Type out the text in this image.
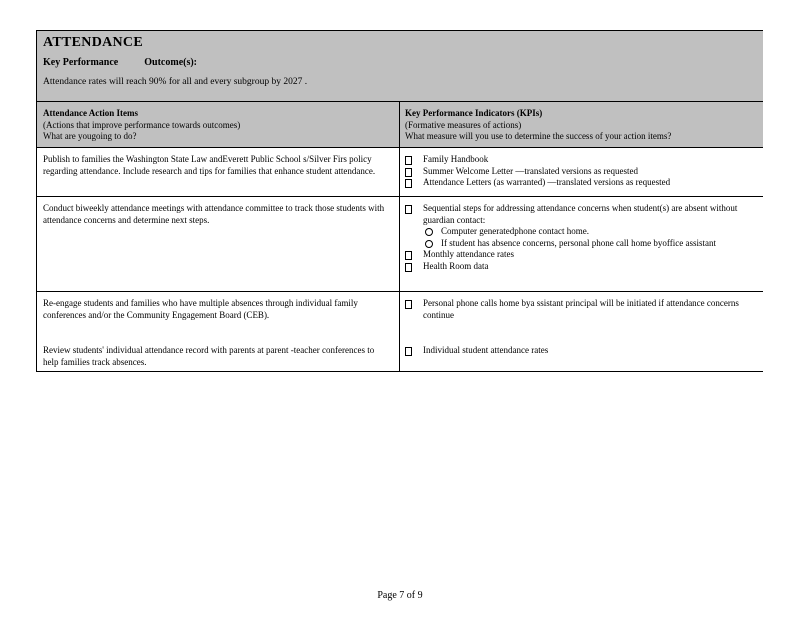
ATTENDANCE
Key Performance	Outcome(s):
Attendance rates will reach 90% for all and every subgroup by 2027 .
Attendance Action Items
(Actions that improve performance towards outcomes)
What are yougoing to do?
Key Performance Indicators (KPIs)
(Formative measures of actions)
What measure will you use to determine the success of your action items?
Publish to families the Washington State Law andEverett Public School s/Silver Firs policy regarding attendance. Include research and tips for families that enhance student attendance.
Family Handbook
Summer Welcome Letter —translated versions as requested
Attendance Letters (as warranted) —translated versions as requested
Conduct biweekly attendance meetings with attendance committee to track those students with attendance concerns and determine next steps.
Sequential steps for addressing attendance concerns when student(s) are absent without guardian contact:
Computer generatedphone contact home.
If student has absence concerns, personal phone call home byoffice assistant
Monthly attendance rates
Health Room data
Re-engage students and families who have multiple absences through individual family conferences and/or the Community Engagement Board (CEB).
Review students' individual attendance record with parents at parent -teacher conferences to help families track absences.
Personal phone calls home bya ssistant principal will be initiated if attendance concerns continue
Individual student attendance rates
Page 7 of 9
